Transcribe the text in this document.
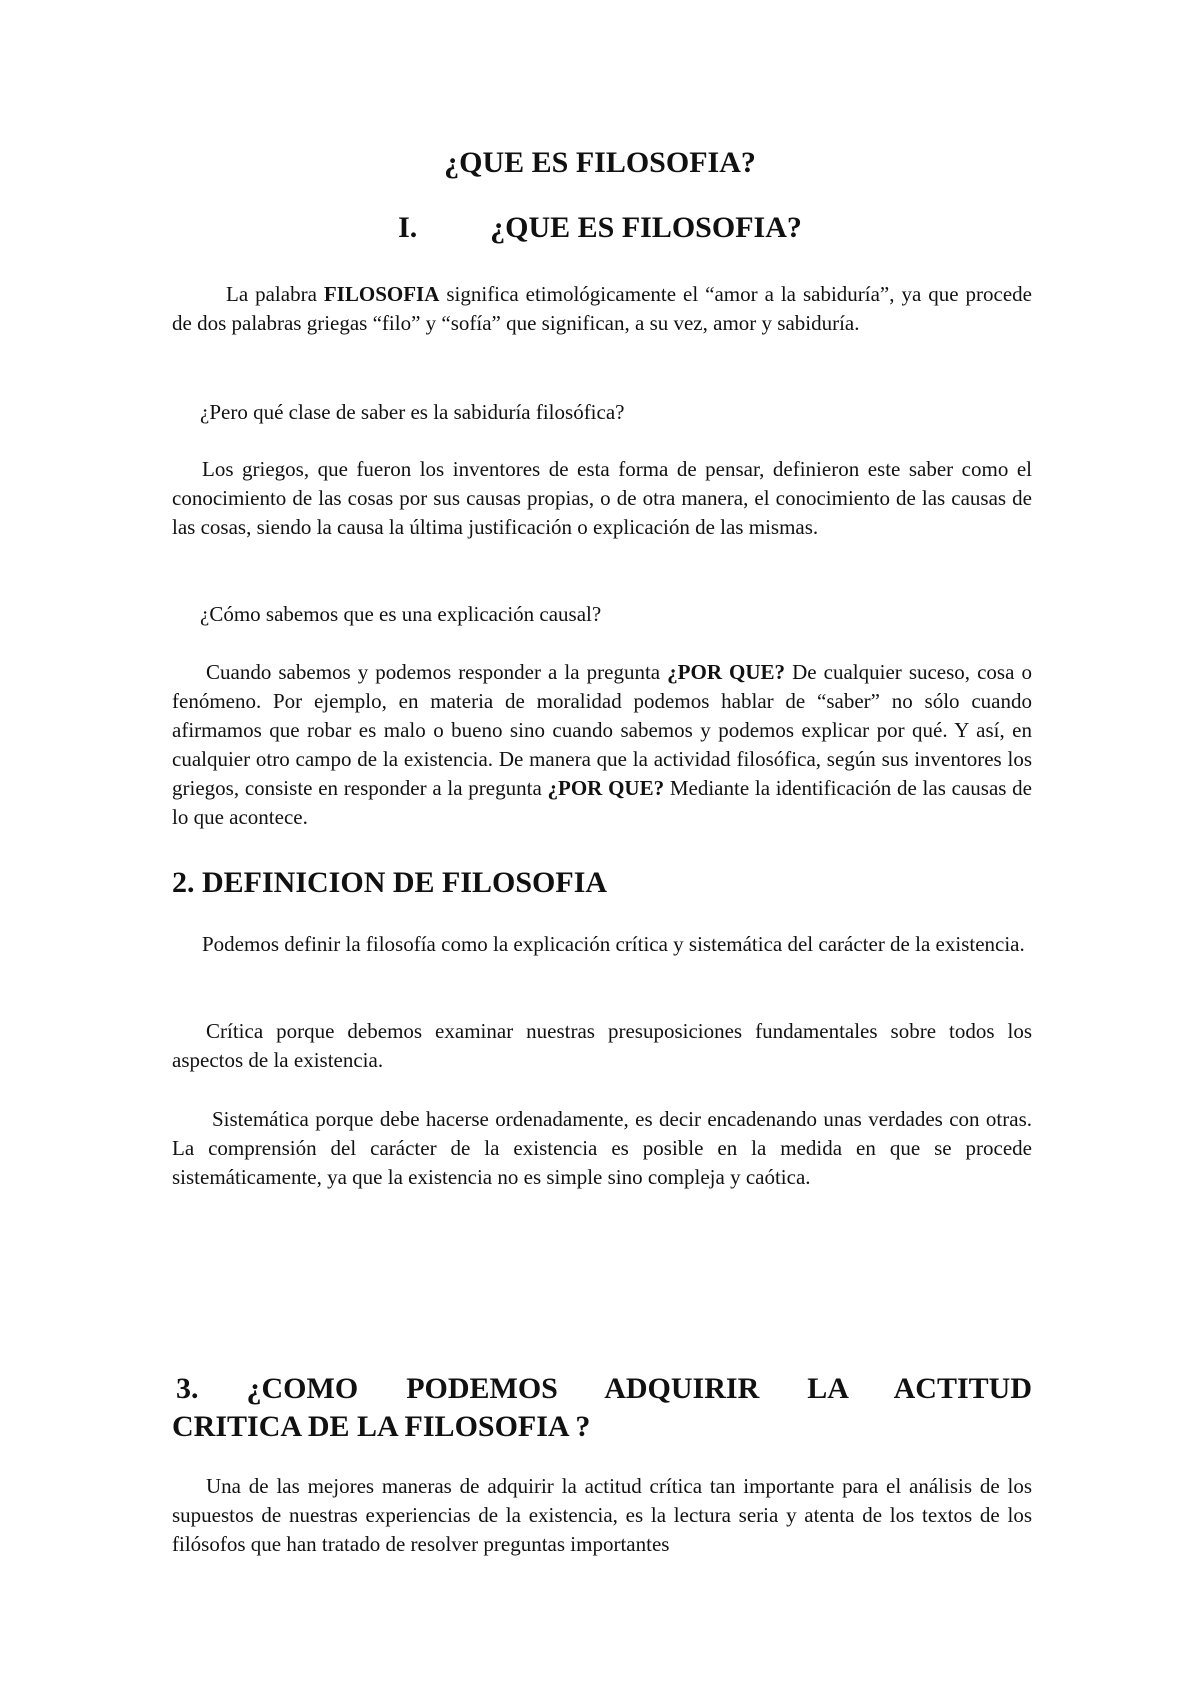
¿QUE ES FILOSOFIA?
I. ¿QUE ES FILOSOFIA?

La palabra FILOSOFIA significa etimológicamente el “amor a la sabiduría”, ya que procede de dos palabras griegas “filo” y “sofía” que significan, a su vez, amor y sabiduría.

¿Pero qué clase de saber es la sabiduría filosófica?

Los griegos, que fueron los inventores de esta forma de pensar, definieron este saber como el conocimiento de las cosas por sus causas propias, o de otra manera, el conocimiento de las causas de las cosas, siendo la causa la última justificación o explicación de las mismas.

¿Cómo sabemos que es una explicación causal?

Cuando sabemos y podemos responder a la pregunta ¿POR QUE? De cualquier suceso, cosa o fenómeno. Por ejemplo, en materia de moralidad podemos hablar de “saber” no sólo cuando afirmamos que robar es malo o bueno sino cuando sabemos y podemos explicar por qué. Y así, en cualquier otro campo de la existencia. De manera que la actividad filosófica, según sus inventores los griegos, consiste en responder a la pregunta ¿POR QUE? Mediante la identificación de las causas de lo que acontece.

2. DEFINICION DE FILOSOFIA

Podemos definir la filosofía como la explicación crítica y sistemática del carácter de la existencia.

Crítica porque debemos examinar nuestras presuposiciones fundamentales sobre todos los aspectos de la existencia.

Sistemática porque debe hacerse ordenadamente, es decir encadenando unas verdades con otras. La comprensión del carácter de la existencia es posible en la medida en que se procede sistemáticamente, ya que la existencia no es simple sino compleja y caótica.

3. ¿COMO PODEMOS ADQUIRIR LA ACTITUD
CRITICA DE LA FILOSOFIA ?

Una de las mejores maneras de adquirir la actitud crítica tan importante para el análisis de los supuestos de nuestras experiencias de la existencia, es la lectura seria y atenta de los textos de los filósofos que han tratado de resolver preguntas importantes
